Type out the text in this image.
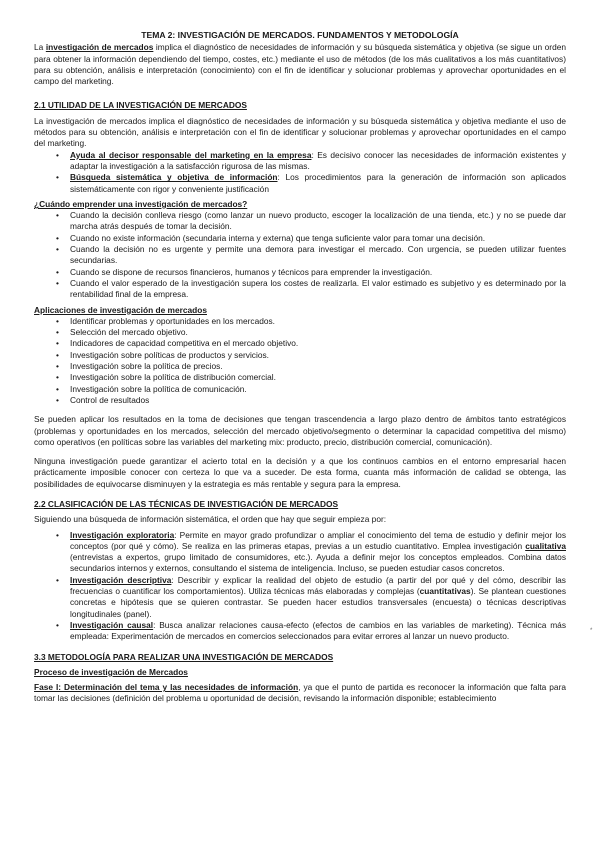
TEMA 2: INVESTIGACIÓN DE MERCADOS. FUNDAMENTOS Y METODOLOGÍA

La investigación de mercados implica el diagnóstico de necesidades de información y su búsqueda sistemática y objetiva (se sigue un orden para obtener la información dependiendo del tiempo, costes, etc.) mediante el uso de métodos (de los más cualitativos a los más cuantitativos) para su obtención, análisis e interpretación (conocimiento) con el fin de identificar y solucionar problemas y aprovechar oportunidades en el campo del marketing.

2.1 UTILIDAD DE LA INVESTIGACIÓN DE MERCADOS

La investigación de mercados implica el diagnóstico de necesidades de información y su búsqueda sistemática y objetiva mediante el uso de métodos para su obtención, análisis e interpretación con el fin de identificar y solucionar problemas y aprovechar oportunidades en el campo del marketing.

• Ayuda al decisor responsable del marketing en la empresa: Es decisivo conocer las necesidades de información existentes y adaptar la investigación a la satisfacción rigurosa de las mismas.
• Búsqueda sistemática y objetiva de información: Los procedimientos para la generación de información son aplicados sistemáticamente con rigor y conveniente justificación

¿Cuándo emprender una investigación de mercados?

• Cuando la decisión conlleva riesgo (como lanzar un nuevo producto, escoger la localización de una tienda, etc.) y no se puede dar marcha atrás después de tomar la decisión.
• Cuando no existe información (secundaria interna y externa) que tenga suficiente valor para tomar una decisión.
• Cuando la decisión no es urgente y permite una demora para investigar el mercado. Con urgencia, se pueden utilizar fuentes secundarias.
• Cuando se dispone de recursos financieros, humanos y técnicos para emprender la investigación.
• Cuando el valor esperado de la investigación supera los costes de realizarla. El valor estimado es subjetivo y es determinado por la rentabilidad final de la empresa.

Aplicaciones de investigación de mercados

• Identificar problemas y oportunidades en los mercados.
• Selección del mercado objetivo.
• Indicadores de capacidad competitiva en el mercado objetivo.
• Investigación sobre políticas de productos y servicios.
• Investigación sobre la política de precios.
• Investigación sobre la política de distribución comercial.
• Investigación sobre la política de comunicación.
• Control de resultados

Se pueden aplicar los resultados en la toma de decisiones que tengan trascendencia a largo plazo dentro de ámbitos tanto estratégicos (problemas y oportunidades en los mercados, selección del mercado objetivo/segmento o determinar la capacidad competitiva del mismo) como operativos (en políticas sobre las variables del marketing mix: producto, precio, distribución comercial, comunicación).

Ninguna investigación puede garantizar el acierto total en la decisión y a que los continuos cambios en el entorno empresarial hacen prácticamente imposible conocer con certeza lo que va a suceder. De esta forma, cuanta más información de calidad se obtenga, las posibilidades de equivocarse disminuyen y la estrategia es más rentable y segura para la empresa.

2.2 CLASIFICACIÓN DE LAS TÉCNICAS DE INVESTIGACIÓN DE MERCADOS

Siguiendo una búsqueda de información sistemática, el orden que hay que seguir empieza por:

• Investigación exploratoria: Permite en mayor grado profundizar o ampliar el conocimiento del tema de estudio y definir mejor los conceptos (por qué y cómo). Se realiza en las primeras etapas, previas a un estudio cuantitativo. Emplea investigación cualitativa (entrevistas a expertos, grupo limitado de consumidores, etc.). Ayuda a definir mejor los conceptos empleados. Combina datos secundarios internos y externos, consultando el sistema de inteligencia. Incluso, se pueden estudiar casos concretos.
• Investigación descriptiva: Describir y explicar la realidad del objeto de estudio (a partir del por qué y del cómo, describir las frecuencias o cuantificar los comportamientos). Utiliza técnicas más elaboradas y complejas (cuantitativas). Se plantean cuestiones concretas e hipótesis que se quieren contrastar. Se pueden hacer estudios transversales (encuesta) o técnicas descriptivas longitudinales (panel).
• Investigación causal: Busca analizar relaciones causa-efecto (efectos de cambios en las variables de marketing). Técnica más empleada: Experimentación de mercados en comercios seleccionados para evitar errores al lanzar un nuevo producto.

3.3 METODOLOGÍA PARA REALIZAR UNA INVESTIGACIÓN DE MERCADOS

Proceso de investigación de Mercados

Fase I: Determinación del tema y las necesidades de información, ya que el punto de partida es reconocer la información que falta para tomar las decisiones (definición del problema u oportunidad de decisión, revisando la información disponible; establecimiento

*
